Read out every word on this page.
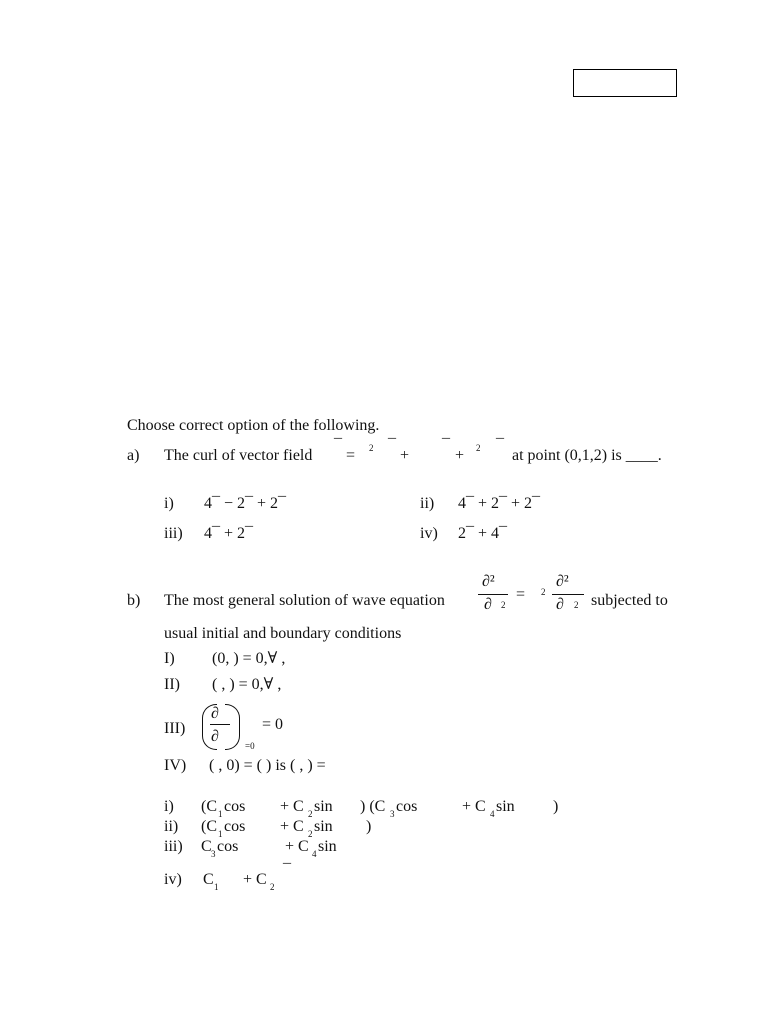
Choose correct option of the following.
a) The curl of vector field
¯
= 2 ¯
+
¯
+ 2 ¯
at point (0,1,2) is ____.
i) 4¯ − 2¯ + 2¯	ii) 4¯ + 2¯ + 2¯
iii) 4¯ + 2¯	iv) 2¯ + 4¯
b) The most general solution of wave equation
∂²
∂ 2
= 2
∂²
∂ 2 subjected to
usual initial and boundary conditions
I) (0, ) = 0,∀ ,
II) ( , ) = 0,∀ ,
III)
∂
∂
=0
= 0
IV) ( , 0) = ( ) is ( , ) =
i) (C 1 cos + C 2 sin ) (C 3 cos	+ C 4 sin )
ii) (C 1 cos + C 2 sin )
iii) C 3 cos	+ C 4 sin
iv) C 1 + C 2
¯
